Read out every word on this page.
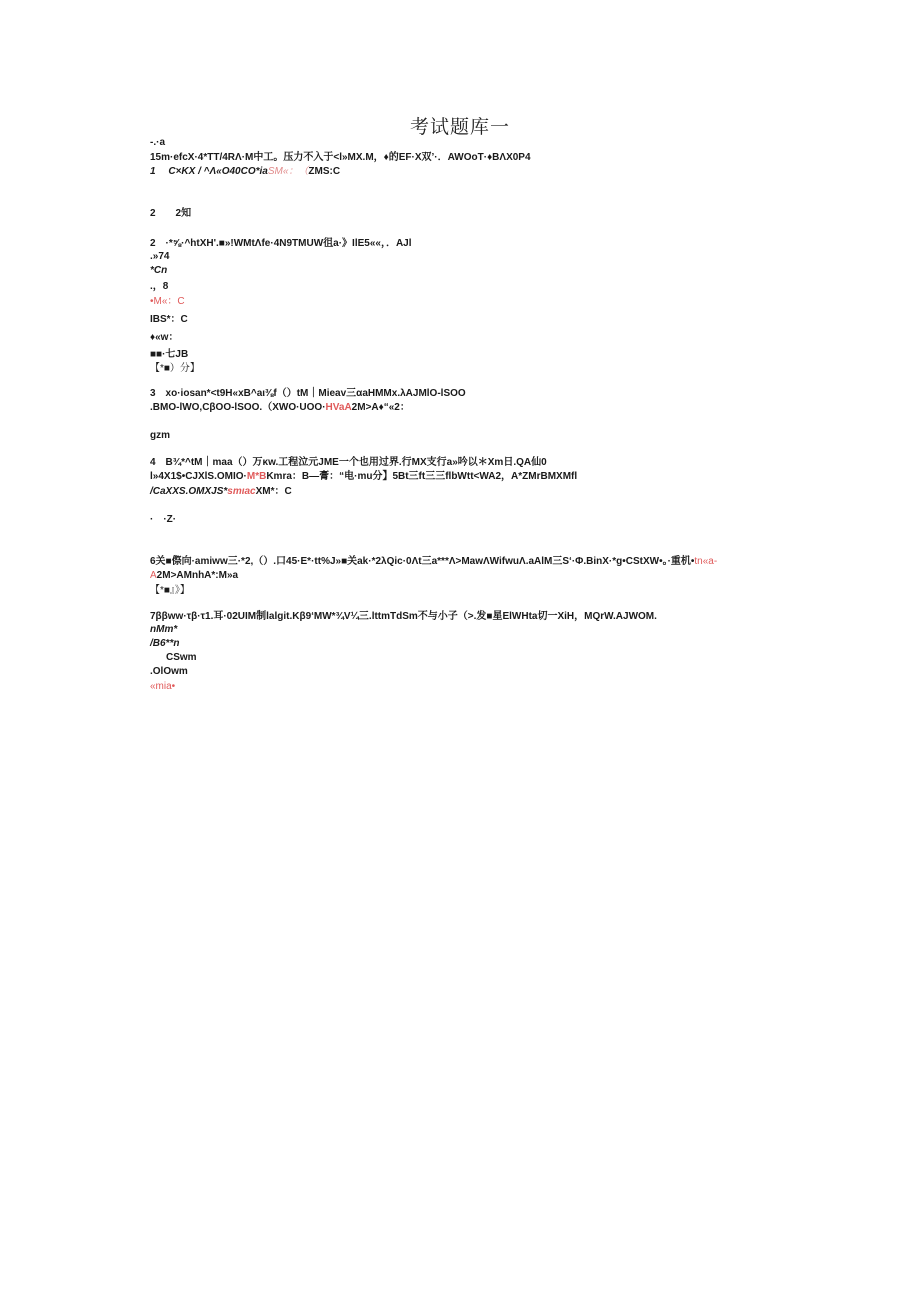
考试题库一
-.·a
15m·efcX·4*TT/4RΛ·M中工。压力不入于<l»MX.M，♦的EF·X双’·．AWOoT·♦BΛX0P4
1　 C×KX / ^Λ«O40CO*iaSM«：（ZMS:C
2　　2知
2　·*⅝·^htXH'.■»!WMtΛfe·4N9TMUW徂a·》IlE5««，．AJl
.»74
*Cn
.，8
•M«：C
IBS*：C
♦«w：
■■·七JB
【*■）分】
3　xo·iosan*<t9H«xB^aι⅜f（）tM｜Mieav三αaHMMx.λAJMlO-lSOO
.BMO-lWO,CβOO-lSOO.（XWO·UOO·HVaA2M>A♦“«2：
gzm
4　B¾*^tM｜maa（）万κw.工程泣元JME一个也用过界.行MX支行a»吟以＊Xm日.QA仙0
l»4X1$•CJXlS.OMIO·M*BKmra：B—膏：“电·mu分】5Bt三ft三三flbWtt<WA2，A*ZMrBMXMfl
/CaXXS.OMXJS*smιacXM*：C
·　·Z·
6关■傺向·amiww三·*2,（）.口45·E*·tt%J»■关ak·*2λQic·0Λt三a***Λ>MawΛWifwuΛ.aAlM三S‘·Φ.BinX·*g•CStXW•。·重机•tn«a-
A2M>AMnhA*:M»a
【*■』》】
7ββww·τβ·τ1.耳·02UIM制lalgit.Kβ9‘MW*¾V¼三.lttmTdSm不与小子（>.发■星ElWHta切一XiH，MQrW.AJWOM.
nMm*
/B6**n
CSwm
.OlOwm
«mia•
